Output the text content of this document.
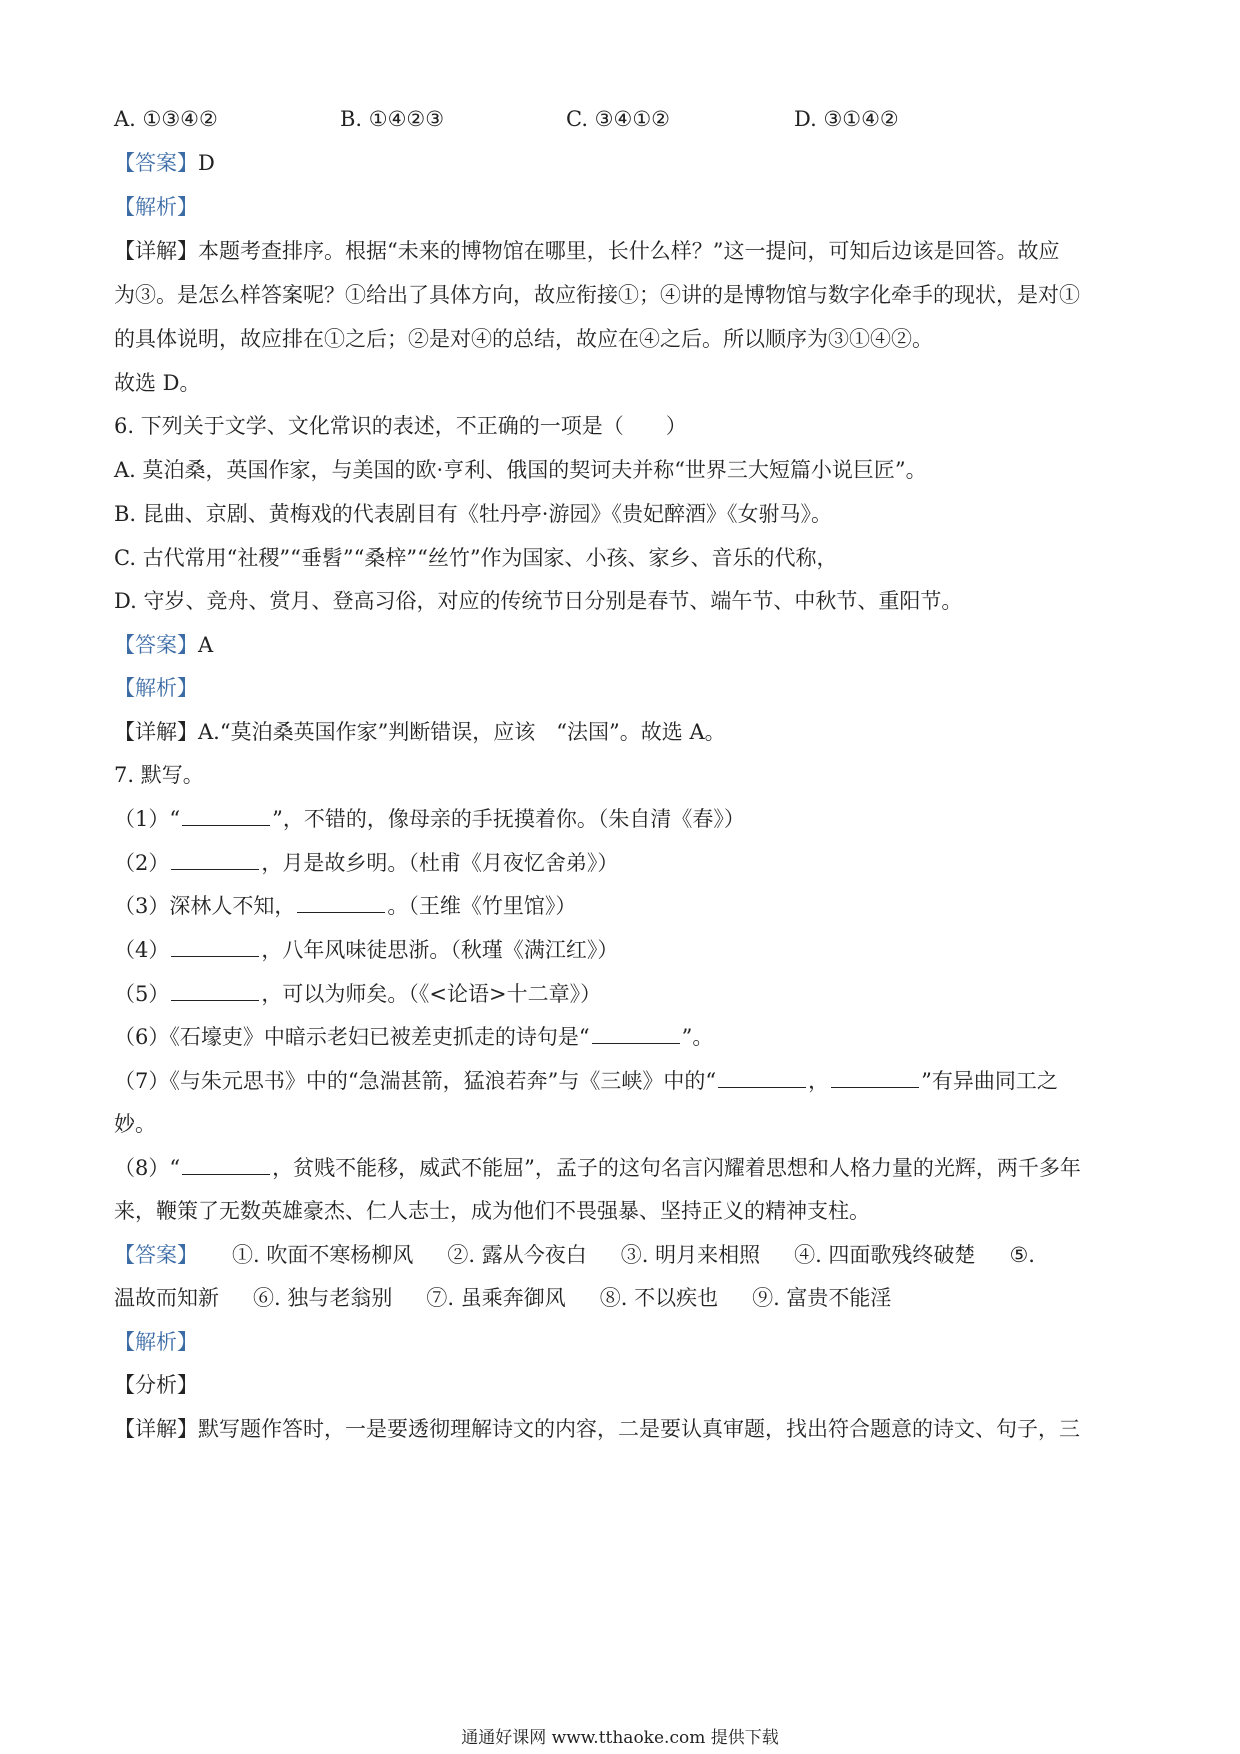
A. ①③④②	B. ①④②③	C. ③④①②	D. ③①④②
【答案】D
【解析】
【详解】本题考查排序。根据“未来的博物馆在哪里，长什么样？”这一提问，可知后边该是回答。故应
为③。是怎么样答案呢？①给出了具体方向，故应衔接①；④讲的是博物馆与数字化牵手的现状，是对①
的具体说明，故应排在①之后；②是对④的总结，故应在④之后。所以顺序为③①④②。
故选 D。
6. 下列关于文学、文化常识的表述，不正确的一项是（　　）
A. 莫泊桑，英国作家，与美国的欧·亨利、俄国的契诃夫并称“世界三大短篇小说巨匠”。
B. 昆曲、京剧、黄梅戏的代表剧目有《牡丹亭·游园》《贵妃醉酒》《女驸马》。
C. 古代常用“社稷”“垂髫”“桑梓”“丝竹”作为国家、小孩、家乡、音乐的代称，
D. 守岁、竞舟、赏月、登高习俗，对应的传统节日分别是春节、端午节、中秋节、重阳节。
【答案】A
【解析】
【详解】A.“莫泊桑英国作家”判断错误，应该　“法国”。故选 A。
7. 默写。
（1）“	”，不错的，像母亲的手抚摸着你。（朱自清《春》）
（2）	，月是故乡明。（杜甫《月夜忆舍弟》）
（3）深林人不知，	。（王维《竹里馆》）
（4）	，八年风味徒思浙。（秋瑾《满江红》）
（5）	，可以为师矣。（《<论语>十二章》）
（6）《石壕吏》中暗示老妇已被差吏抓走的诗句是“	”。
（7）《与朱元思书》中的“急湍甚箭，猛浪若奔”与《三峡》中的“	，	”有异曲同工之
妙。
（8）“	，贫贱不能移，威武不能屈”，孟子的这句名言闪耀着思想和人格力量的光辉，两千多年
来，鞭策了无数英雄豪杰、仁人志士，成为他们不畏强暴、坚持正义的精神支柱。
【答案】 ①. 吹面不寒杨柳风 ②. 露从今夜白 ③. 明月来相照 ④. 四面歌残终破楚 ⑤.
温故而知新 ⑥. 独与老翁别 ⑦. 虽乘奔御风 ⑧. 不以疾也 ⑨. 富贵不能淫
【解析】
【分析】
【详解】默写题作答时，一是要透彻理解诗文的内容，二是要认真审题，找出符合题意的诗文、句子，三
通通好课网 www.tthaoke.com 提供下载
